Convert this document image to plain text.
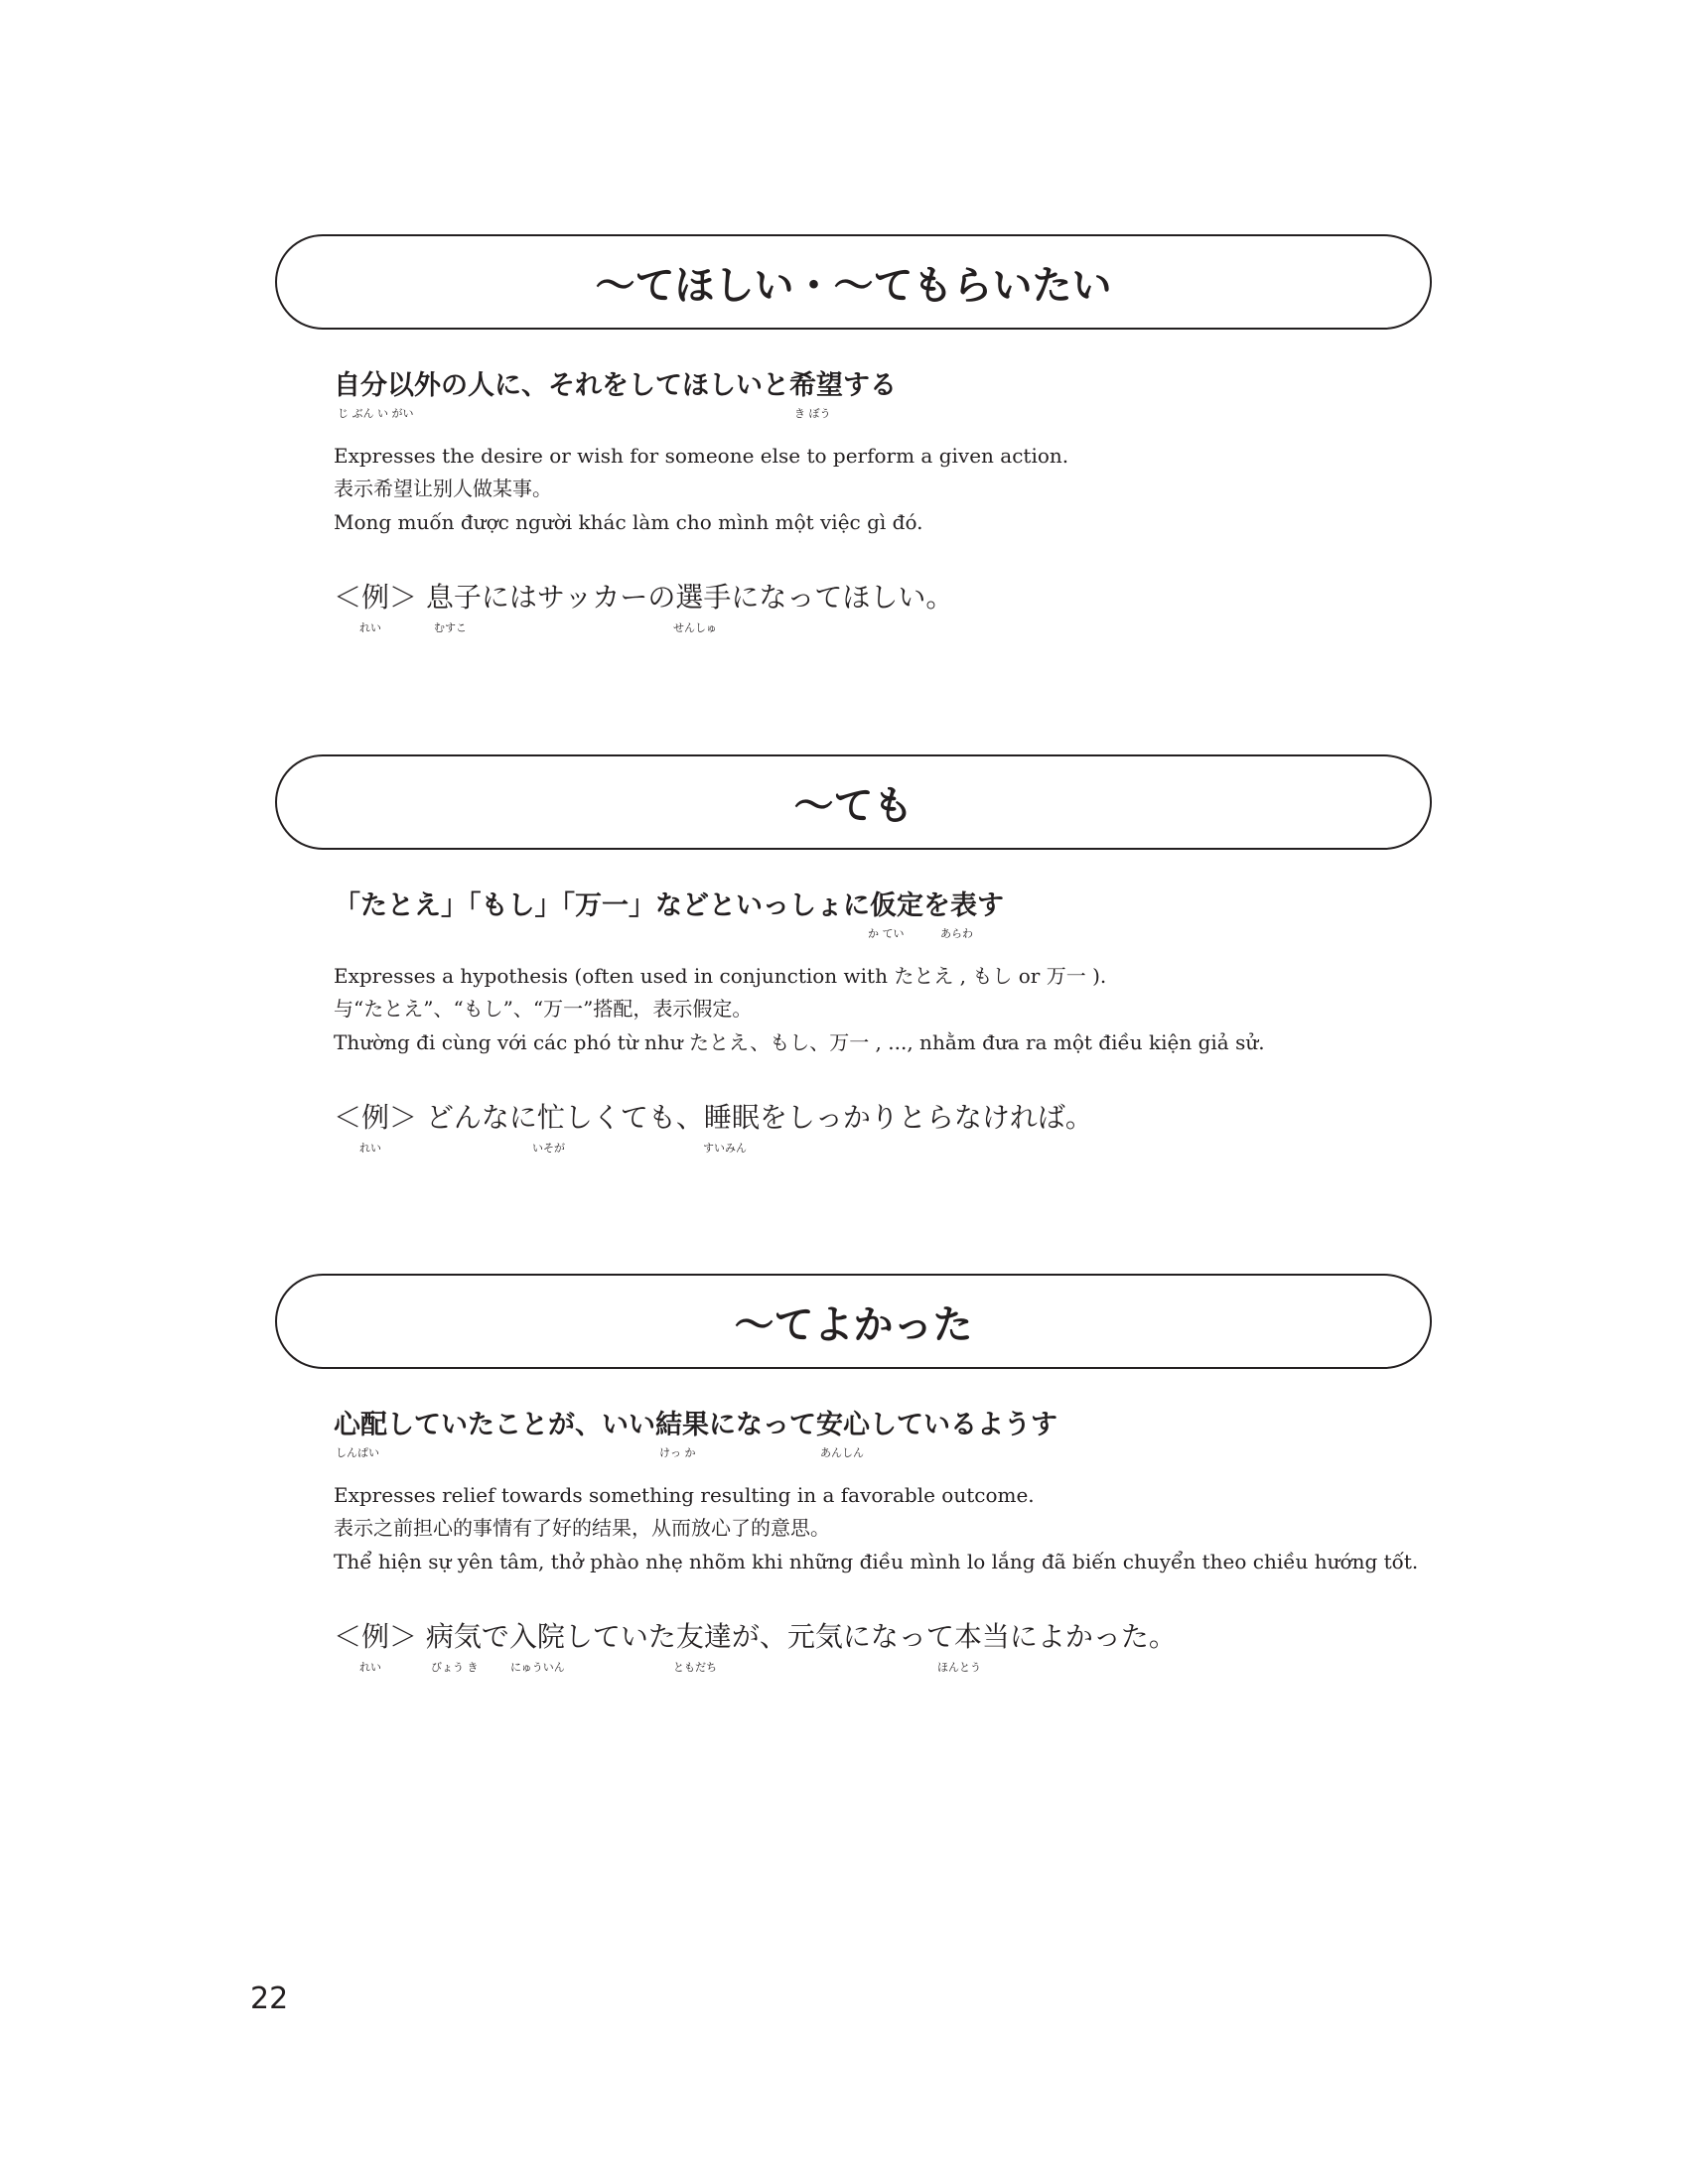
〜てほしい・〜てもらいたい
自分以外の人に、それをしてほしいと希望する
じ ぶん い がい	き ぼう
Expresses the desire or wish for someone else to perform a given action.
表示希望让别人做某事。
Mong muốn được người khác làm cho mình một việc gì đó.
＜例＞ 息子にはサッカーの選手になってほしい。
れい	むすこ	せんしゅ
〜ても
「たとえ」「もし」「万一」などといっしょに仮定を表す
か てい	あらわ
Expresses a hypothesis (often used in conjunction with たとえ , もし or 万一 ).
与“たとえ”、“もし”、“万一”搭配，表示假定。
Thường đi cùng với các phó từ như たとえ、もし、万一 , ..., nhằm đưa ra một điều kiện giả sử.
＜例＞ どんなに忙しくても、睡眠をしっかりとらなければ。
れい	いそが	すいみん
〜てよかった
心配していたことが、いい結果になって安心しているようす
しんぱい	けっ か	あんしん
Expresses relief towards something resulting in a favorable outcome.
表示之前担心的事情有了好的结果，从而放心了的意思。
Thể hiện sự yên tâm, thở phào nhẹ nhõm khi những điều mình lo lắng đã biến chuyển theo chiều hướng tốt.
＜例＞ 病気で入院していた友達が、元気になって本当によかった。
れい	びょう き	にゅういん	ともだち	ほんとう
22
